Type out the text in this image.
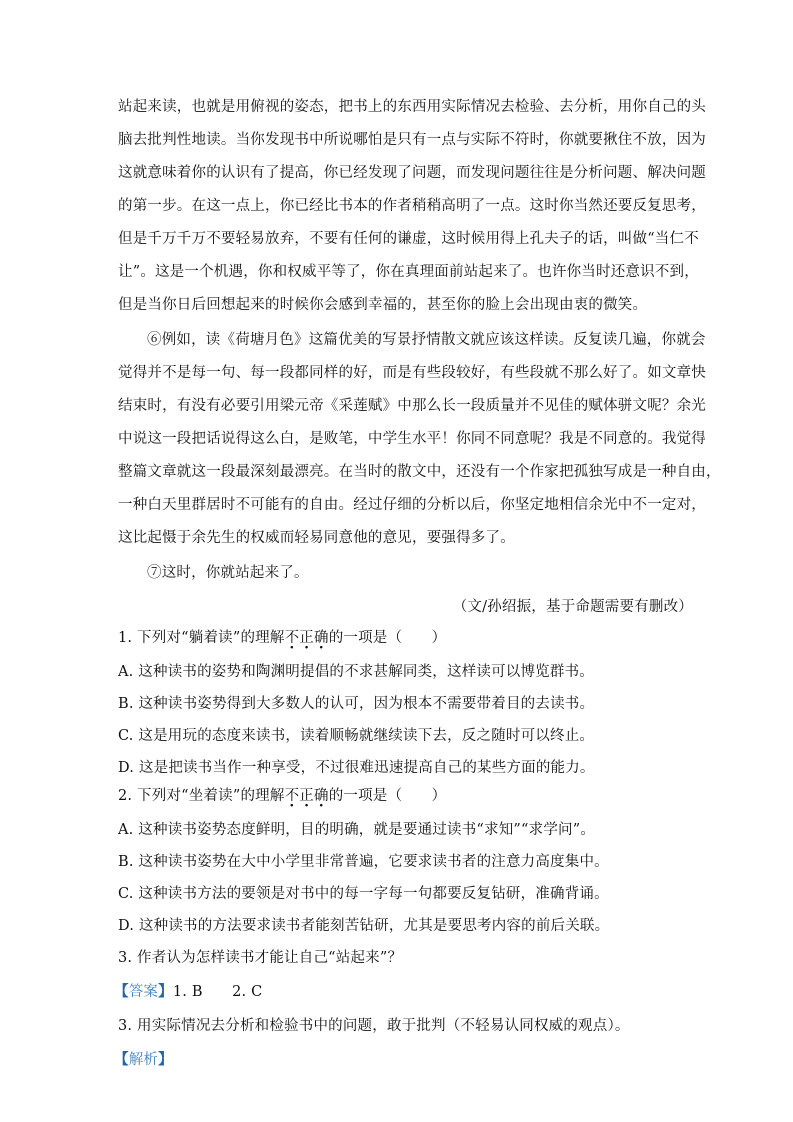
站起来读，也就是用俯视的姿态，把书上的东西用实际情况去检验、去分析，用你自己的头
脑去批判性地读。当你发现书中所说哪怕是只有一点与实际不符时，你就要揪住不放，因为
这就意味着你的认识有了提高，你已经发现了问题，而发现问题往往是分析问题、解决问题
的第一步。在这一点上，你已经比书本的作者稍稍高明了一点。这时你当然还要反复思考，
但是千万千万不要轻易放弃，不要有任何的谦虚，这时候用得上孔夫子的话，叫做“当仁不
让”。这是一个机遇，你和权威平等了，你在真理面前站起来了。也许你当时还意识不到，
但是当你日后回想起来的时候你会感到幸福的，甚至你的脸上会出现由衷的微笑。
⑥例如，读《荷塘月色》这篇优美的写景抒情散文就应该这样读。反复读几遍，你就会
觉得并不是每一句、每一段都同样的好，而是有些段较好，有些段就不那么好了。如文章快
结束时，有没有必要引用梁元帝《采莲赋》中那么长一段质量并不见佳的赋体骈文呢？余光
中说这一段把话说得这么白，是败笔，中学生水平！你同不同意呢？我是不同意的。我觉得
整篇文章就这一段最深刻最漂亮。在当时的散文中，还没有一个作家把孤独写成是一种自由，
一种白天里群居时不可能有的自由。经过仔细的分析以后，你坚定地相信余光中不一定对，
这比起慑于余先生的权威而轻易同意他的意见，要强得多了。
⑦这时，你就站起来了。
（文/孙绍振，基于命题需要有删改）
1. 下列对“躺着读”的理解不正确的一项是（　　）
A. 这种读书的姿势和陶渊明提倡的不求甚解同类，这样读可以博览群书。
B. 这种读书姿势得到大多数人的认可，因为根本不需要带着目的去读书。
C. 这是用玩的态度来读书，读着顺畅就继续读下去，反之随时可以终止。
D. 这是把读书当作一种享受，不过很难迅速提高自己的某些方面的能力。
2. 下列对“坐着读”的理解不正确的一项是（　　）
A. 这种读书姿势态度鲜明，目的明确，就是要通过读书“求知”“求学问”。
B. 这种读书姿势在大中小学里非常普遍，它要求读书者的注意力高度集中。
C. 这种读书方法的要领是对书中的每一字每一句都要反复钻研，准确背诵。
D. 这种读书的方法要求读书者能刻苦钻研，尤其是要思考内容的前后关联。
3. 作者认为怎样读书才能让自己“站起来”？
【答案】1. B　　2. C
3. 用实际情况去分析和检验书中的问题，敢于批判（不轻易认同权威的观点）。
【解析】
